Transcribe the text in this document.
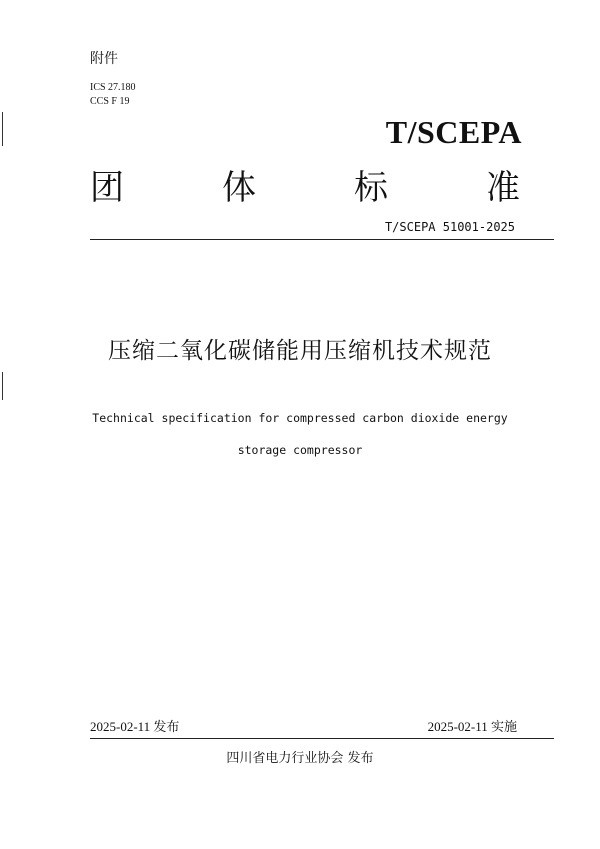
附件
ICS 27.180
CCS F 19
T/SCEPA
团	体	标	准
T/SCEPA 51001-2025
压缩二氧化碳储能用压缩机技术规范
Technical specification for compressed carbon dioxide energy
storage compressor
2025-02-11 发布	2025-02-11 实施
四川省电力行业协会 发布
